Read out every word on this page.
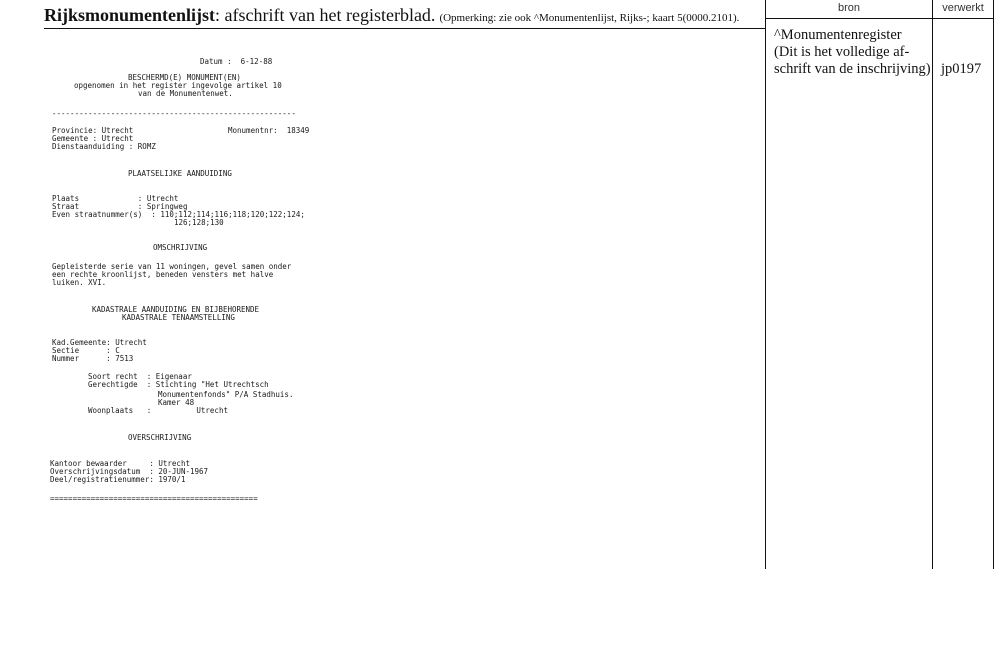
Rijksmonumentenlijst: afschrift van het registerblad. (Opmerking: zie ook ^Monumentenlijst, Rijks-; kaart 5(0000.2101).
bron	verwerkt
^Monumentenregister
(Dit is het volledige af-
schrift van de inschrijving) jp0197
Datum :  6-12-88
BESCHERMD(E) MONUMENT(EN)
opgenomen in het register ingevolge artikel 10
van de Monumentenwet.
------------------------------------------------------
Provincie: Utrecht	Monumentnr:  18349
Gemeente : Utrecht
Dienstaanduiding : ROMZ
PLAATSELIJKE AANDUIDING
Plaats             : Utrecht
Straat             : Springweg
Even straatnummer(s)  : 110;112;114;116;118;120;122;124;
126;128;130
OMSCHRIJVING
Gepleisterde serie van 11 woningen, gevel samen onder
een rechte kroonlijst, beneden vensters met halve
luiken. XVI.
KADASTRALE AANDUIDING EN BIJBEHORENDE
KADASTRALE TENAAMSTELLING
Kad.Gemeente: Utrecht
Sectie      : C
Nummer      : 7513
Soort recht  : Eigenaar
Gerechtigde  : Stichting "Het Utrechtsch
Monumentenfonds" P/A Stadhuis.
Kamer 48
Woonplaats   :          Utrecht
OVERSCHRIJVING
Kantoor bewaarder     : Utrecht
Overschrijvingsdatum  : 20-JUN-1967
Deel/registratienummer: 1970/1
==============================================
